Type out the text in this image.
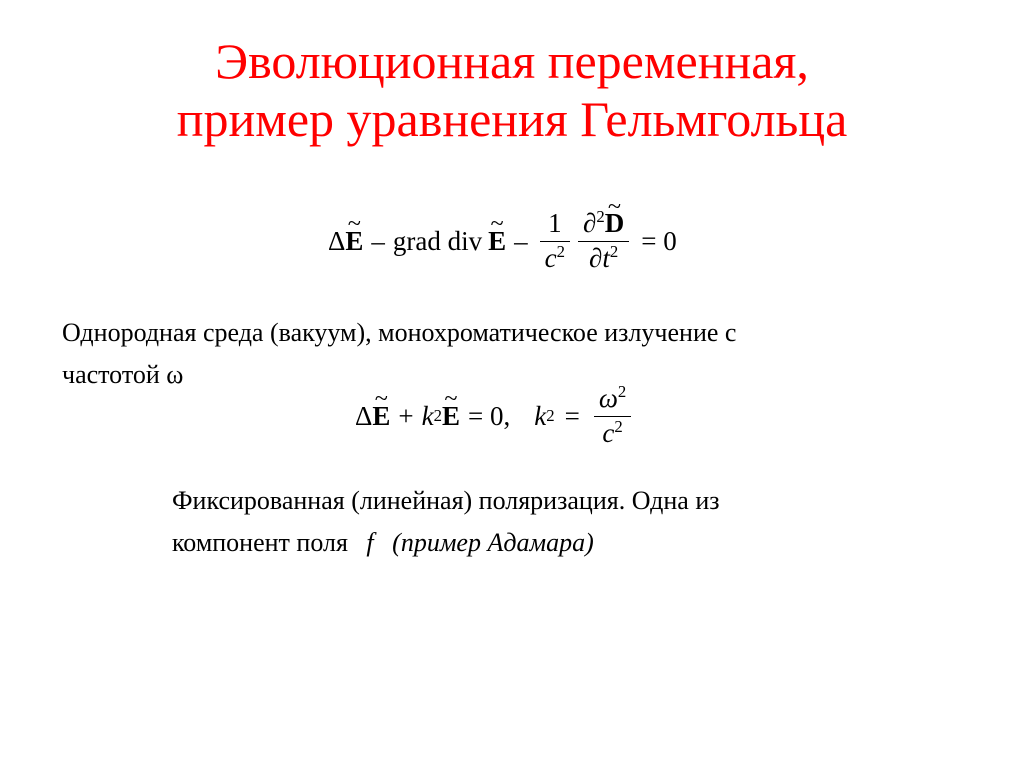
Эволюционная переменная,
пример уравнения Гельмгольца
Δ ~ E – grad div ~ $E - \frac{1}{c^2} \frac{\partial^2\sim D}{\partial t^2} = 0$
Однородная среда (вакуум), монохроматическое излучение с
частотой ω
Δ ~ E + k 2 ~ E = 0, k $2 = \frac{\omega^2}{c^2}$
Фиксированная (линейная) поляризация. Одна из
компонент поля f (пример Адамара)
